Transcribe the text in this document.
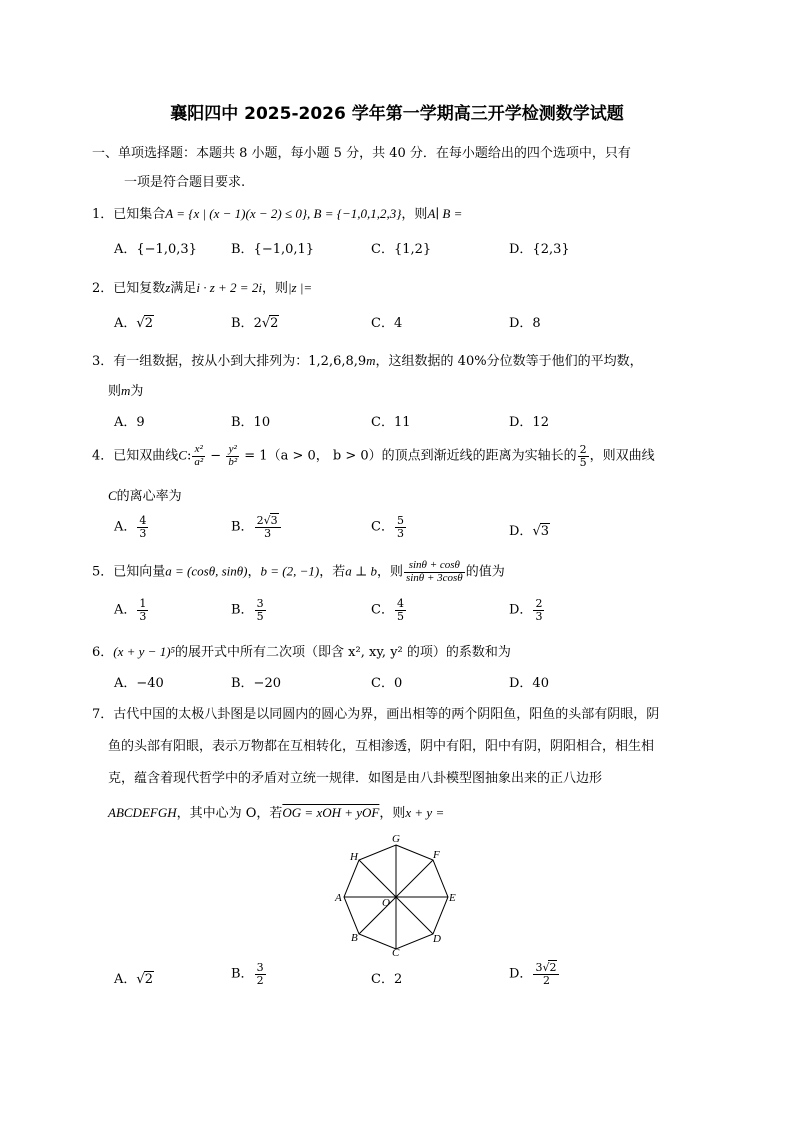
襄阳四中 2025-2026 学年第一学期高三开学检测数学试题
一、单项选择题：本题共 8 小题，每小题 5 分，共 40 分．在每小题给出的四个选项中，只有
一项是符合题目要求.
1．已知集合A = {x | (x − 1)(x − 2) ≤ 0}, B = {−1,0,1,2,3}，则A∣ B =
A．{−1,0,3}	B．{−1,0,1}	C．{1,2}	D．{2,3}
2．已知复数z满足i · z + 2 = 2i，则|z |=
A．√2	B．2√2	C．4	D．8
3．有一组数据，按从小到大排列为：1,2,6,8,9m，这组数据的 40%分位数等于他们的平均数，
则m为
A．9	B．10	C．11	D．12
4．已知双曲线C: $\frac{\text{x²}}{\text{a²}} - \frac{\text{y²}}{\text{b²}} = 1(a > 0$， b > 0）的顶点到渐近线的距离为实轴长的 $\frac{2}{5}$ ，则双曲线
C的离心率为
A． $\frac{4}{3}$	B． $\frac{2√3}{3}$	C． $\frac{5}{3}$	D．√3
5．已知向量a = (cosθ, sinθ)，b = (2, −1)，若a ⊥ b，则 $\frac{\sin\theta + \cos\theta}{\sin\theta + 3\cos\theta}$ 的值为
A． $\frac{1}{3}$	B． $\frac{3}{5}$	C． $\frac{4}{5}$	D． $\frac{2}{3}$
6．(x + y − 1)⁵的展开式中所有二次项（即含 x², xy, y² 的项）的系数和为
A．−40	B．−20	C．0	D．40
7．古代中国的太极八卦图是以同圆内的圆心为界，画出相等的两个阴阳鱼，阳鱼的头部有阴眼，阴
鱼的头部有阳眼，表示万物都在互相转化，互相渗透，阴中有阳，阳中有阴，阴阳相合，相生相
克，蕴含着现代哲学中的矛盾对立统一规律．如图是由八卦模型图抽象出来的正八边形
ABCDEFGH，其中心为 O，若OG = xOH + yOF，则x + y =
G
F
E
D
C
B
A
H
O
A．√2	B． $\frac{3}{2}$	C．2	D． $\frac{3√2}{2}$
